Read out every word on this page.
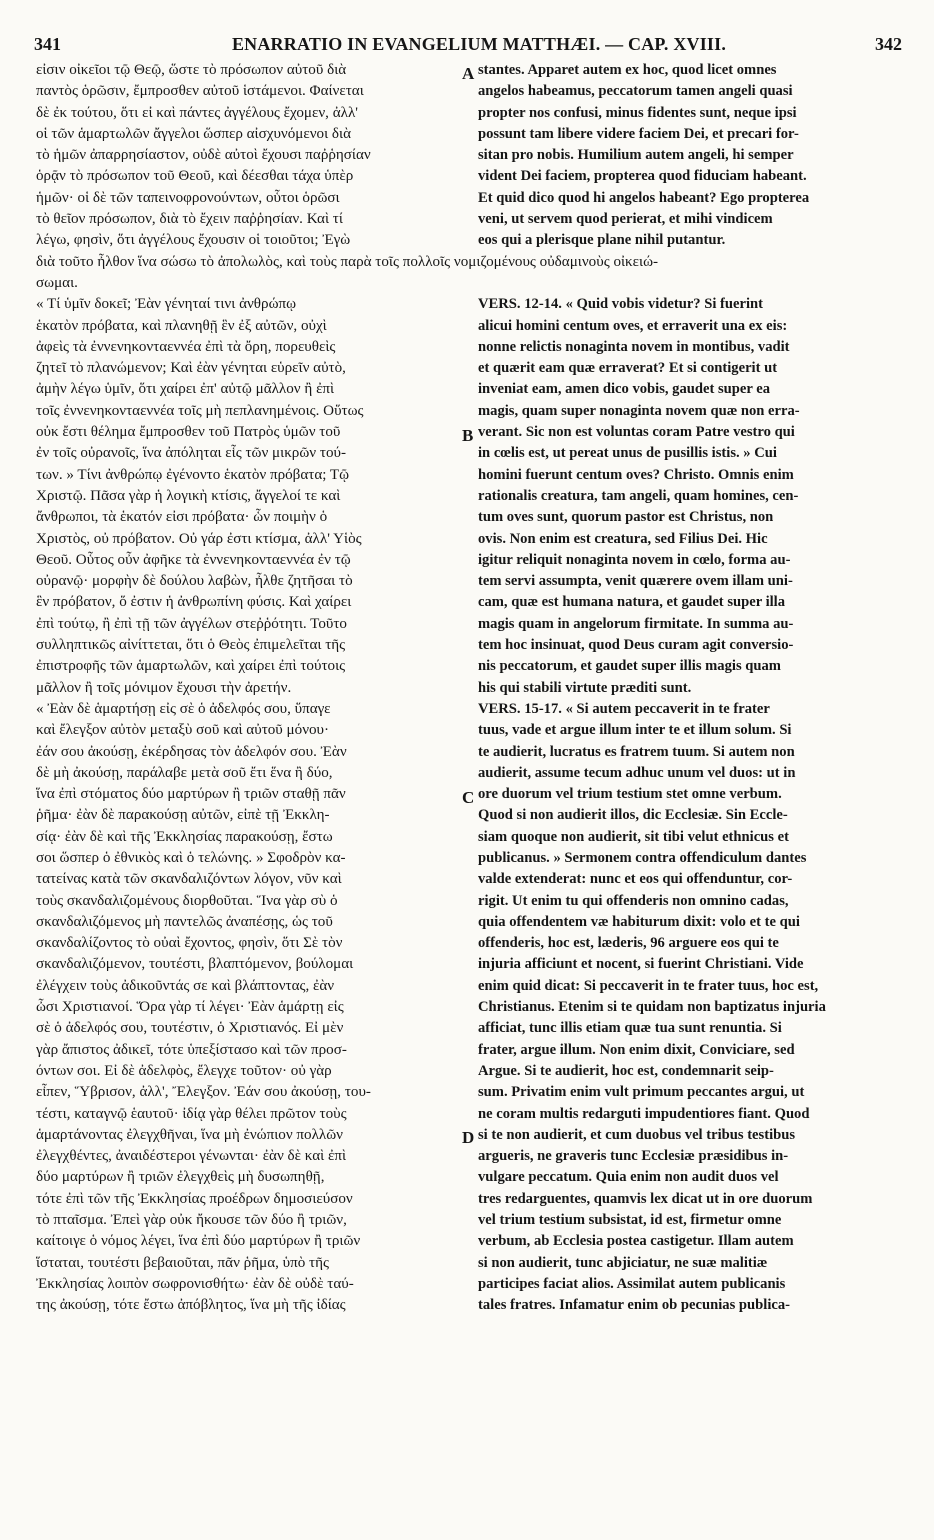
341	ENARRATIO IN EVANGELIUM MATTHÆI. — CAP. XVIII.	342
εἰσιν οἰκεῖοι τῷ Θεῷ, ὥστε τὸ πρόσωπον αὐτοῦ διὰ
παντὸς ὁρῶσιν, ἔμπροσθεν αὐτοῦ ἱστάμενοι. Φαίνεται
δὲ ἐκ τούτου, ὅτι εἰ καὶ πάντες ἀγγέλους ἔχομεν, ἀλλ'
οἱ τῶν ἁμαρτωλῶν ἄγγελοι ὥσπερ αἰσχυνόμενοι διὰ
τὸ ἡμῶν ἀπαρρησίαστον, οὐδὲ αὐτοὶ ἔχουσι παῤῥησίαν
ὁρᾷν τὸ πρόσωπον τοῦ Θεοῦ, καὶ δέεσθαι τάχα ὑπὲρ
ἡμῶν· οἱ δὲ τῶν ταπεινοφρονούντων, οὗτοι ὁρῶσι
τὸ θεῖον πρόσωπον, διὰ τὸ ἔχειν παῤῥησίαν. Καὶ τί
λέγω, φησὶν, ὅτι ἀγγέλους ἔχουσιν οἱ τοιοῦτοι; Ἐγὼ
διὰ τοῦτο ἦλθον ἵνα σώσω τὸ ἀπολωλὸς, καὶ τοὺς παρὰ τοῖς πολλοῖς νομιζομένους οὐδαμινοὺς οἰκειώ-
σωμαι.
« Τί ὑμῖν δοκεῖ; Ἐὰν γένηταί τινι ἀνθρώπῳ
ἑκατὸν πρόβατα, καὶ πλανηθῇ ἓν ἐξ αὐτῶν, οὐχὶ
ἀφεὶς τὰ ἐννενηκονταεννέα ἐπὶ τὰ ὄρη, πορευθεὶς
ζητεῖ τὸ πλανώμενον; Καὶ ἐὰν γένηται εὑρεῖν αὐτὸ,
ἀμὴν λέγω ὑμῖν, ὅτι χαίρει ἐπ' αὐτῷ μᾶλλον ἢ ἐπὶ
τοῖς ἐννενηκονταεννέα τοῖς μὴ πεπλανημένοις. Οὕτως
οὐκ ἔστι θέλημα ἔμπροσθεν τοῦ Πατρὸς ὑμῶν τοῦ
ἐν τοῖς οὐρανοῖς, ἵνα ἀπόληται εἷς τῶν μικρῶν τού-
των. » Τίνι ἀνθρώπῳ ἐγένοντο ἑκατὸν πρόβατα; Τῷ
Χριστῷ. Πᾶσα γὰρ ἡ λογικὴ κτίσις, ἄγγελοί τε καὶ
ἄνθρωποι, τὰ ἑκατόν εἰσι πρόβατα· ὧν ποιμὴν ὁ
Χριστὸς, οὐ πρόβατον. Οὐ γάρ ἐστι κτίσμα, ἀλλ' Υἱὸς
Θεοῦ. Οὗτος οὖν ἀφῆκε τὰ ἐννενηκονταεννέα ἐν τῷ
οὐρανῷ· μορφὴν δὲ δούλου λαβὼν, ἦλθε ζητῆσαι τὸ
ἓν πρόβατον, ὅ ἐστιν ἡ ἀνθρωπίνη φύσις. Καὶ χαίρει
ἐπὶ τούτῳ, ἢ ἐπὶ τῇ τῶν ἀγγέλων στεῤῥότητι. Τοῦτο
συλληπτικῶς αἰνίττεται, ὅτι ὁ Θεὸς ἐπιμελεῖται τῆς
ἐπιστροφῆς τῶν ἁμαρτωλῶν, καὶ χαίρει ἐπὶ τούτοις
μᾶλλον ἢ τοῖς μόνιμον ἔχουσι τὴν ἀρετήν.
« Ἐὰν δὲ ἁμαρτήσῃ εἰς σὲ ὁ ἀδελφός σου, ὕπαγε
καὶ ἔλεγξον αὐτὸν μεταξὺ σοῦ καὶ αὐτοῦ μόνου·
ἐάν σου ἀκούσῃ, ἐκέρδησας τὸν ἀδελφόν σου. Ἐὰν
δὲ μὴ ἀκούσῃ, παράλαβε μετὰ σοῦ ἔτι ἕνα ἢ δύο,
ἵνα ἐπὶ στόματος δύο μαρτύρων ἢ τριῶν σταθῇ πᾶν
ῥῆμα· ἐὰν δὲ παρακούσῃ αὐτῶν, εἰπὲ τῇ Ἐκκλη-
σίᾳ· ἐὰν δὲ καὶ τῆς Ἐκκλησίας παρακούσῃ, ἔστω
σοι ὥσπερ ὁ ἐθνικὸς καὶ ὁ τελώνης. » Σφοδρὸν κα-
τατείνας κατὰ τῶν σκανδαλιζόντων λόγον, νῦν καὶ
τοὺς σκανδαλιζομένους διορθοῦται. Ἵνα γὰρ σὺ ὁ
σκανδαλιζόμενος μὴ παντελῶς ἀναπέσῃς, ὡς τοῦ
σκανδαλίζοντος τὸ οὐαὶ ἔχοντος, φησὶν, ὅτι Σὲ τὸν
σκανδαλιζόμενον, τουτέστι, βλαπτόμενον, βούλομαι
ἐλέγχειν τοὺς ἀδικοῦντάς σε καὶ βλάπτοντας, ἐὰν
ὦσι Χριστιανοί. Ὅρα γὰρ τί λέγει· Ἐὰν ἁμάρτῃ εἰς
σὲ ὁ ἀδελφός σου, τουτέστιν, ὁ Χριστιανός. Εἰ μὲν
γὰρ ἄπιστος ἀδικεῖ, τότε ὑπεξίστασο καὶ τῶν προσ-
όντων σοι. Εἰ δὲ ἀδελφὸς, ἔλεγχε τοῦτον· οὐ γὰρ
εἶπεν, Ὕβρισον, ἀλλ', Ἔλεγξον. Ἐάν σου ἀκούσῃ, του-
τέστι, καταγνῷ ἑαυτοῦ· ἰδίᾳ γὰρ θέλει πρῶτον τοὺς
ἁμαρτάνοντας ἐλεγχθῆναι, ἵνα μὴ ἐνώπιον πολλῶν
ἐλεγχθέντες, ἀναιδέστεροι γένωνται· ἐὰν δὲ καὶ ἐπὶ
δύο μαρτύρων ἢ τριῶν ἐλεγχθεὶς μὴ δυσωπηθῇ,
τότε ἐπὶ τῶν τῆς Ἐκκλησίας προέδρων δημοσιεύσον
τὸ πταῖσμα. Ἐπεὶ γὰρ οὐκ ἤκουσε τῶν δύο ἢ τριῶν,
καίτοιγε ὁ νόμος λέγει, ἵνα ἐπὶ δύο μαρτύρων ἢ τριῶν
ἵσταται, τουτέστι βεβαιοῦται, πᾶν ῥῆμα, ὑπὸ τῆς
Ἐκκλησίας λοιπὸν σωφρονισθήτω· ἐὰν δὲ οὐδὲ ταύ-
της ἀκούσῃ, τότε ἔστω ἀπόβλητος, ἵνα μὴ τῆς ἰδίας
stantes. Apparet autem ex hoc, quod licet omnes
angelos habeamus, peccatorum tamen angeli quasi
propter nos confusi, minus fidentes sunt, neque ipsi
possunt tam libere videre faciem Dei, et precari for-
sitan pro nobis. Humilium autem angeli, hi semper
vident Dei faciem, propterea quod fiduciam habeant.
Et quid dico quod hi angelos habeant? Ego propterea
veni, ut servem quod perierat, et mihi vindicem
eos qui a plerisque plane nihil putantur.
VERS. 12-14. « Quid vobis videtur? Si fuerint
alicui homini centum oves, et erraverit una ex eis:
nonne relictis nonaginta novem in montibus, vadit
et quærit eam quæ erraverat? Et si contigerit ut
inveniat eam, amen dico vobis, gaudet super ea
magis, quam super nonaginta novem quæ non erra-
verant. Sic non est voluntas coram Patre vestro qui
in cœlis est, ut pereat unus de pusillis istis. » Cui
homini fuerunt centum oves? Christo. Omnis enim
rationalis creatura, tam angeli, quam homines, cen-
tum oves sunt, quorum pastor est Christus, non
ovis. Non enim est creatura, sed Filius Dei. Hic
igitur reliquit nonaginta novem in cœlo, forma au-
tem servi assumpta, venit quærere ovem illam uni-
cam, quæ est humana natura, et gaudet super illa
magis quam in angelorum firmitate. In summa au-
tem hoc insinuat, quod Deus curam agit conversio-
nis peccatorum, et gaudet super illis magis quam
his qui stabili virtute præditi sunt.
VERS. 15-17. « Si autem peccaverit in te frater
tuus, vade et argue illum inter te et illum solum. Si
te audierit, lucratus es fratrem tuum. Si autem non
audierit, assume tecum adhuc unum vel duos: ut in
ore duorum vel trium testium stet omne verbum.
Quod si non audierit illos, dic Ecclesiæ. Sin Eccle-
siam quoque non audierit, sit tibi velut ethnicus et
publicanus. » Sermonem contra offendiculum dantes
valde extenderat: nunc et eos qui offenduntur, cor-
rigit. Ut enim tu qui offenderis non omnino cadas,
quia offendentem væ habiturum dixit: volo et te qui
offenderis, hoc est, læderis, 96 arguere eos qui te
injuria afficiunt et nocent, si fuerint Christiani. Vide
enim quid dicat: Si peccaverit in te frater tuus, hoc est,
Christianus. Etenim si te quidam non baptizatus injuria
afficiat, tunc illis etiam quæ tua sunt renuntia. Si
frater, argue illum. Non enim dixit, Conviciare, sed
Argue. Si te audierit, hoc est, condemnarit seip-
sum. Privatim enim vult primum peccantes argui, ut
ne coram multis redarguti impudentiores fiant. Quod
si te non audierit, et cum duobus vel tribus testibus
argueris, ne graveris tunc Ecclesiæ præsidibus in-
vulgare peccatum. Quia enim non audit duos vel
tres redarguentes, quamvis lex dicat ut in ore duorum
vel trium testium subsistat, id est, firmetur omne
verbum, ab Ecclesia postea castigetur. Illam autem
si non audierit, tunc abjiciatur, ne suæ malitiæ
participes faciat alios. Assimilat autem publicanis
tales fratres. Infamatur enim ob pecunias publica-
A
B
C
D
